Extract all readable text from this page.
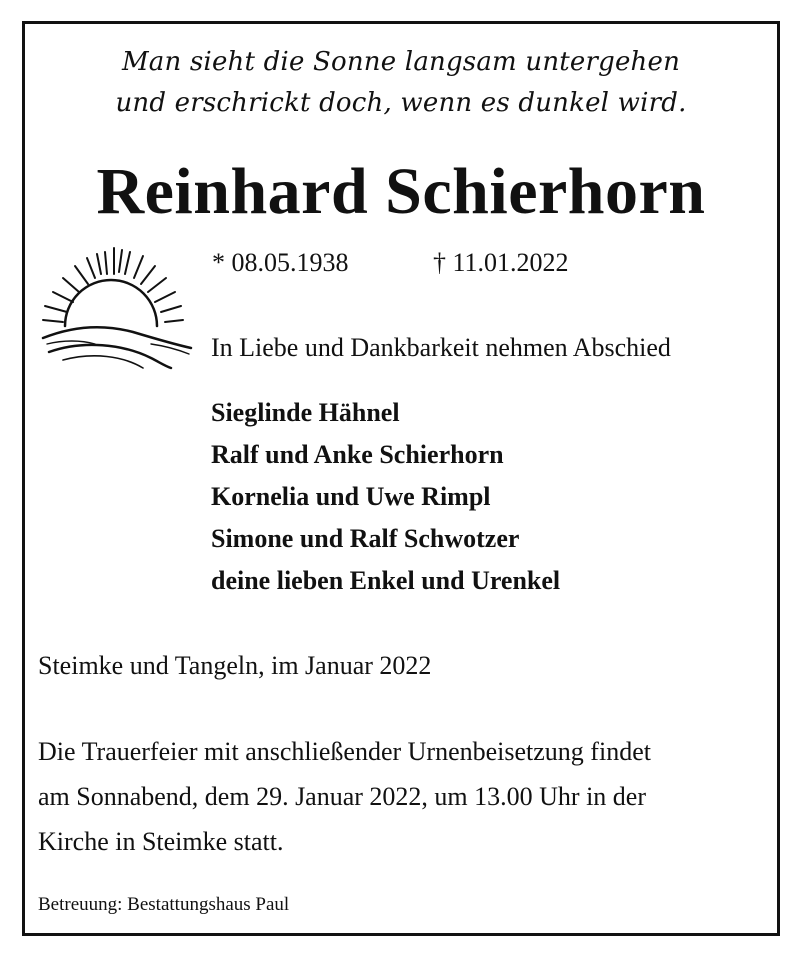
Man sieht die Sonne langsam untergehen
und erschrickt doch, wenn es dunkel wird.
Reinhard Schierhorn
* 08.05.1938	† 11.01.2022
In Liebe und Dankbarkeit nehmen Abschied
Sieglinde Hähnel
Ralf und Anke Schierhorn
Kornelia und Uwe Rimpl
Simone und Ralf Schwotzer
deine lieben Enkel und Urenkel
Steimke und Tangeln, im Januar 2022
Die Trauerfeier mit anschließender Urnenbeisetzung findet
am Sonnabend, dem 29. Januar 2022, um 13.00 Uhr in der
Kirche in Steimke statt.
Betreuung: Bestattungshaus Paul
